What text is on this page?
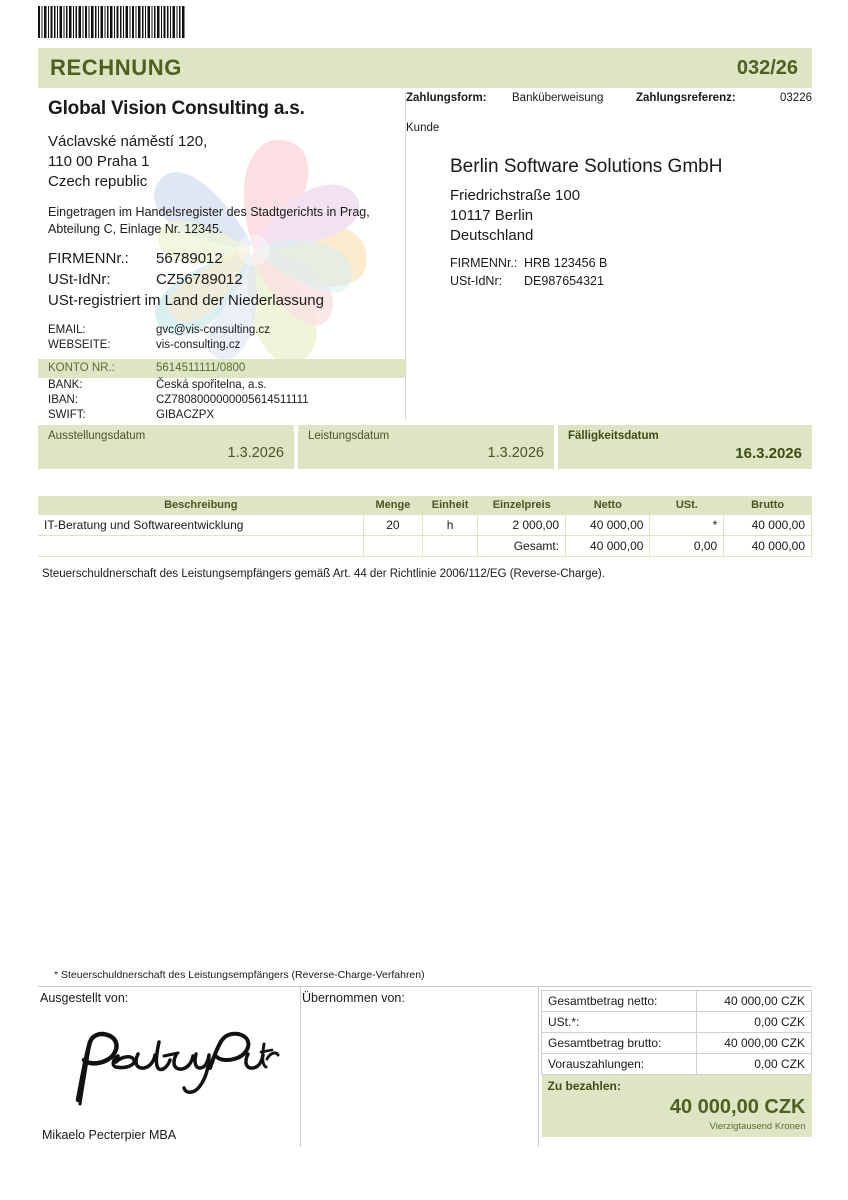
RECHNUNG	032/26
Global Vision Consulting a.s.
Václavské náměstí 120,
110 00 Praha 1
Czech republic
Eingetragen im Handelsregister des Stadtgerichts in Prag, Abteilung C, Einlage Nr. 12345.
FIRMENNr.:	56789012
USt-IdNr:	CZ56789012
USt-registriert im Land der Niederlassung
EMAIL:	gvc@vis-consulting.cz
WEBSEITE:	vis-consulting.cz
KONTO NR.:	5614511111/0800
BANK:	Česká spořitelna, a.s.
IBAN:	CZ7808000000005614511111
SWIFT:	GIBACZPX
Zahlungsform:	Banküberweisung	Zahlungsreferenz:	03226
Kunde
Berlin Software Solutions GmbH
Friedrichstraße 100
10117 Berlin
Deutschland
FIRMENNr.: HRB 123456 B
USt-IdNr:	DE987654321
Ausstellungsdatum
1.3.2026
Leistungsdatum
1.3.2026
Fälligkeitsdatum
16.3.2026
Beschreibung	Menge	Einheit	Einzelpreis	Netto	USt.	Brutto
IT-Beratung und Softwareentwicklung	20	h	2 000,00	40 000,00	*	40 000,00
			Gesamt:	40 000,00	0,00	40 000,00
Steuerschuldnerschaft des Leistungsempfängers gemäß Art. 44 der Richtlinie 2006/112/EG (Reverse-Charge).
* Steuerschuldnerschaft des Leistungsempfängers (Reverse-Charge-Verfahren)
Ausgestellt von:	Übernommen von:
Mikaelo Pecterpier MBA
Gesamtbetrag netto:	40 000,00 CZK
USt.*:	0,00 CZK
Gesamtbetrag brutto:	40 000,00 CZK
Vorauszahlungen:	0,00 CZK
Zu bezahlen:	
40 000,00 CZK	
Vierzigtausend Kronen	
